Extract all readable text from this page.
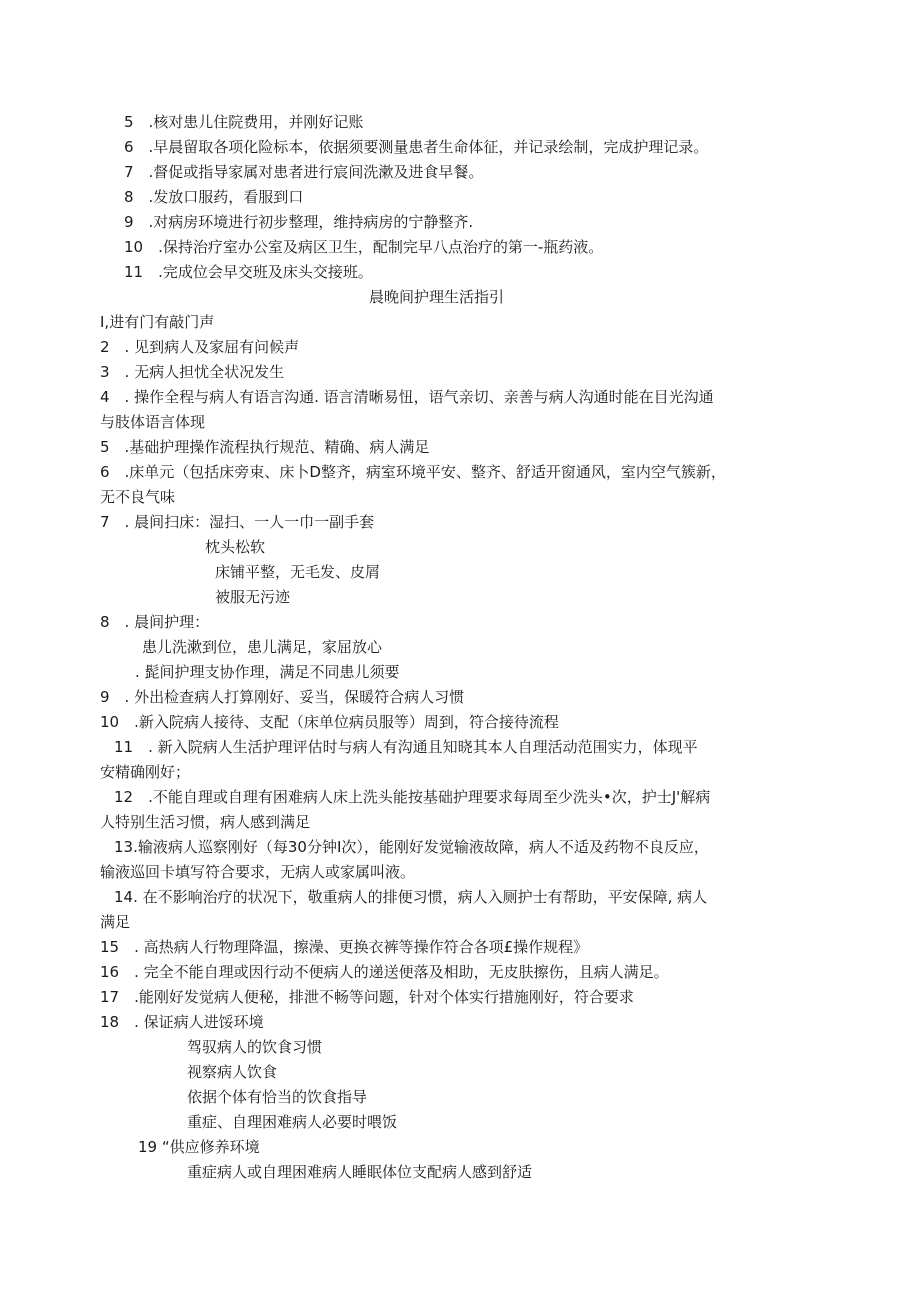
5　.核对患儿住院费用，并刚好记账
6　.早晨留取各项化险标本，依据须要测量患者生命体征，并记录绘制，完成护理记录。
7　.督促或指导家属对患者进行宸间洗漱及进食早餐。
8　.发放口服药，看服到口
9　.对病房环境进行初步整理，维持病房的宁静整齐.
10　.保持治疗室办公室及病区卫生，配制完早八点治疗的第一-瓶药液。
11　.完成位会早交班及床头交接班。
晨晚间护理生活指引
I,进有门有敲门声
2　. 见到病人及家屈有问候声
3　. 无病人担忧全状况发生
4　. 操作全程与病人有语言沟通. 语言清晰易忸，语气亲切、亲善与病人沟通时能在目光沟通
与肢体语言体现
5　.基础护理操作流程执行规范、精确、病人满足
6　.床单元（包括床旁束、床卜D整齐，病室环境平安、整齐、舒适开窗通风，室内空气簇新，
无不良气味
7　. 晨间扫床：湿扫、一人一巾一副手套
枕头松软
床铺平整，无毛发、皮屑
被服无污迹
8　. 晨间护理：
患儿洗漱到位，患儿满足，家屈放心
. 髭间护理支协作理，满足不同患儿须要
9　. 外出检查病人打算刚好、妥当，保暖符合病人习惯
10　.新入院病人接待、支配（床单位病员服等）周到，符合接待流程
11　. 新入院病人生活护理评估时与病人有沟通且知晓其本人自理活动范围实力，体现平
安精确刚好；
12　.不能自理或自理有困难病人床上洗头能按基础护理要求每周至少洗头•次，护士J'解病
人特别生活习惯，病人感到满足
13.输液病人巡察刚好（每30分钟I次），能刚好发觉输液故障，病人不适及药物不良反应，
输液巡回卡填写符合要求，无病人或家属叫液。
14. 在不影响治疗的状况下，敬重病人的排便习惯，病人入厕护士有帮助，平安保障, 病人
满足
15　. 高热病人行物理降温，擦澡、更换衣裤等操作符合各项£操作规程》
16　. 完全不能自理或因行动不便病人的递送便落及相助，无皮肤擦伤，且病人满足。
17　.能刚好发觉病人便秘，排泄不畅等问题，针对个体实行措施刚好，符合要求
18　. 保证病人进馁环境
驾驭病人的饮食习惯
视察病人饮食
依据个体有恰当的饮食指导
重症、自理困难病人必要时喂饭
19 “供应修养环境
重症病人或自理困难病人睡眠体位支配病人感到舒适
